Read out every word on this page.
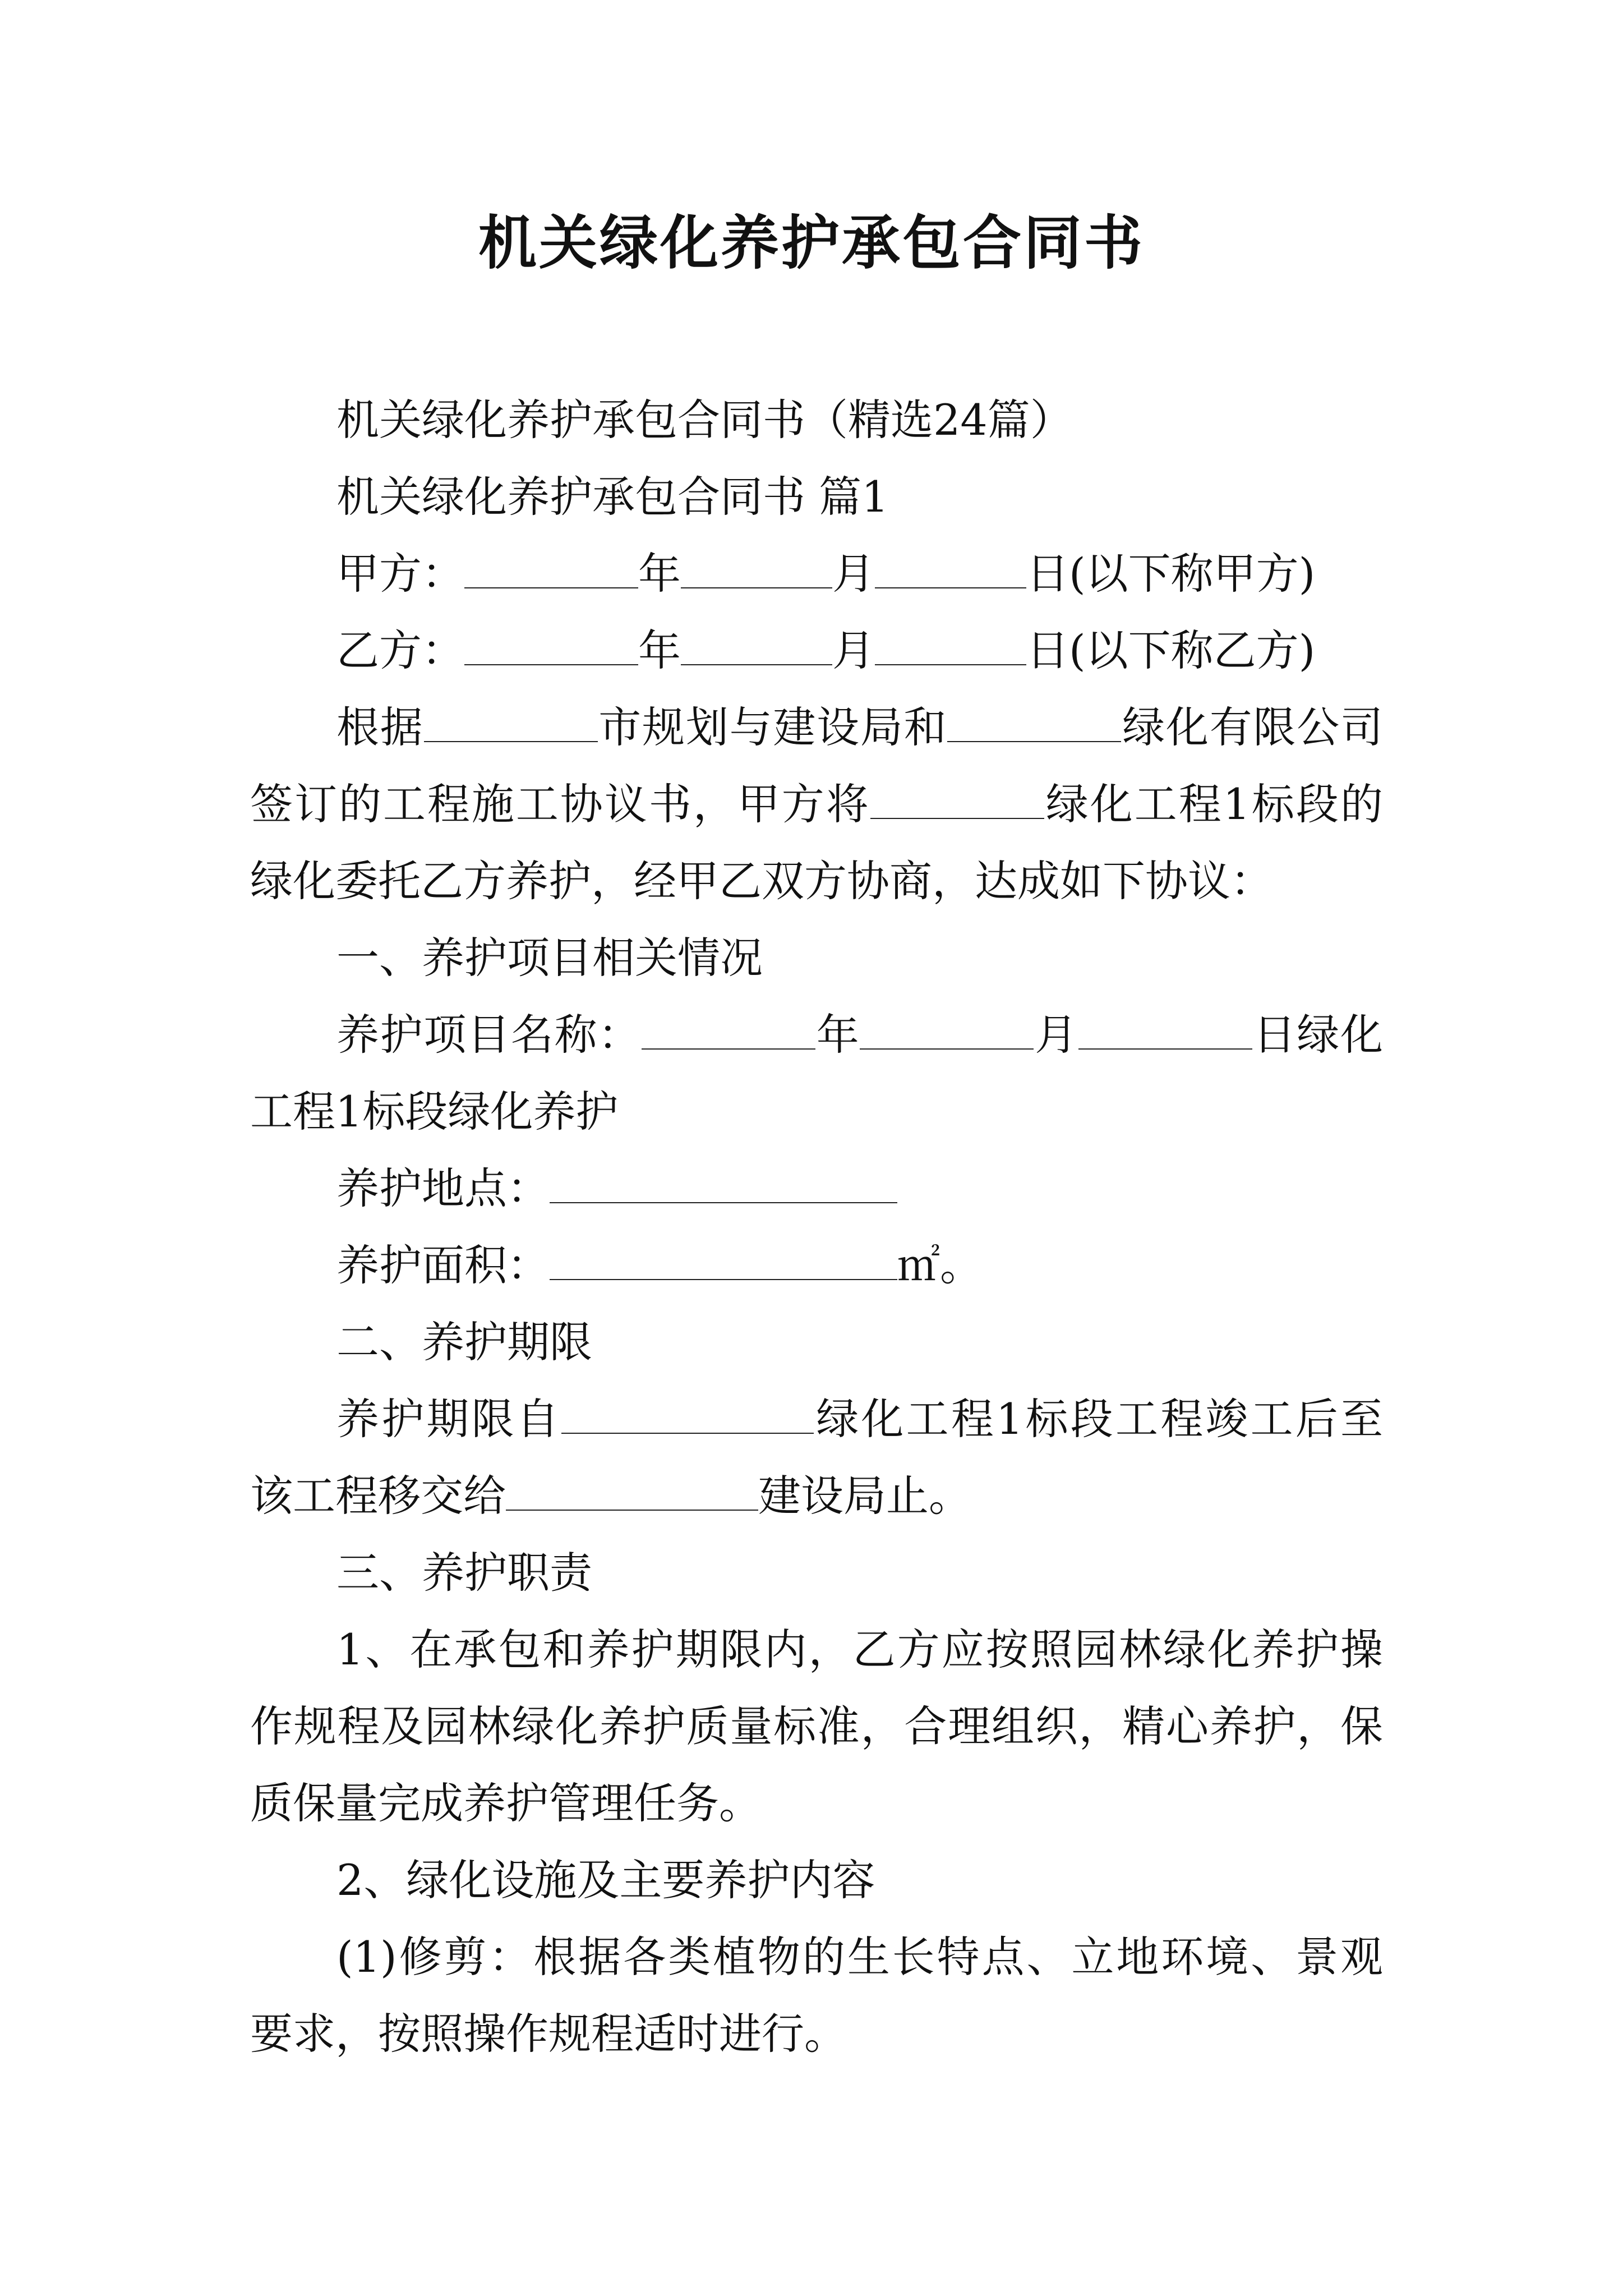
机关绿化养护承包合同书
机关绿化养护承包合同书（精选24篇）
机关绿化养护承包合同书 篇1
甲方：	年	月	日(以下称甲方)
乙方：	年	月	日(以下称乙方)
根据	市规划与建设局和	绿化有限公司
签订的工程施工协议书，甲方将	绿化工程1标段的
绿化委托乙方养护，经甲乙双方协商，达成如下协议：
一、养护项目相关情况
养护项目名称：	年	月	日绿化
工程1标段绿化养护
养护地点：
养护面积：	㎡。
二、养护期限
养护期限自	绿化工程1标段工程竣工后至
该工程移交给	建设局止。
三、养护职责
1、在承包和养护期限内，乙方应按照园林绿化养护操
作规程及园林绿化养护质量标准，合理组织，精心养护，保
质保量完成养护管理任务。
2、绿化设施及主要养护内容
(1)修剪：根据各类植物的生长特点、立地环境、景观
要求，按照操作规程适时进行。
